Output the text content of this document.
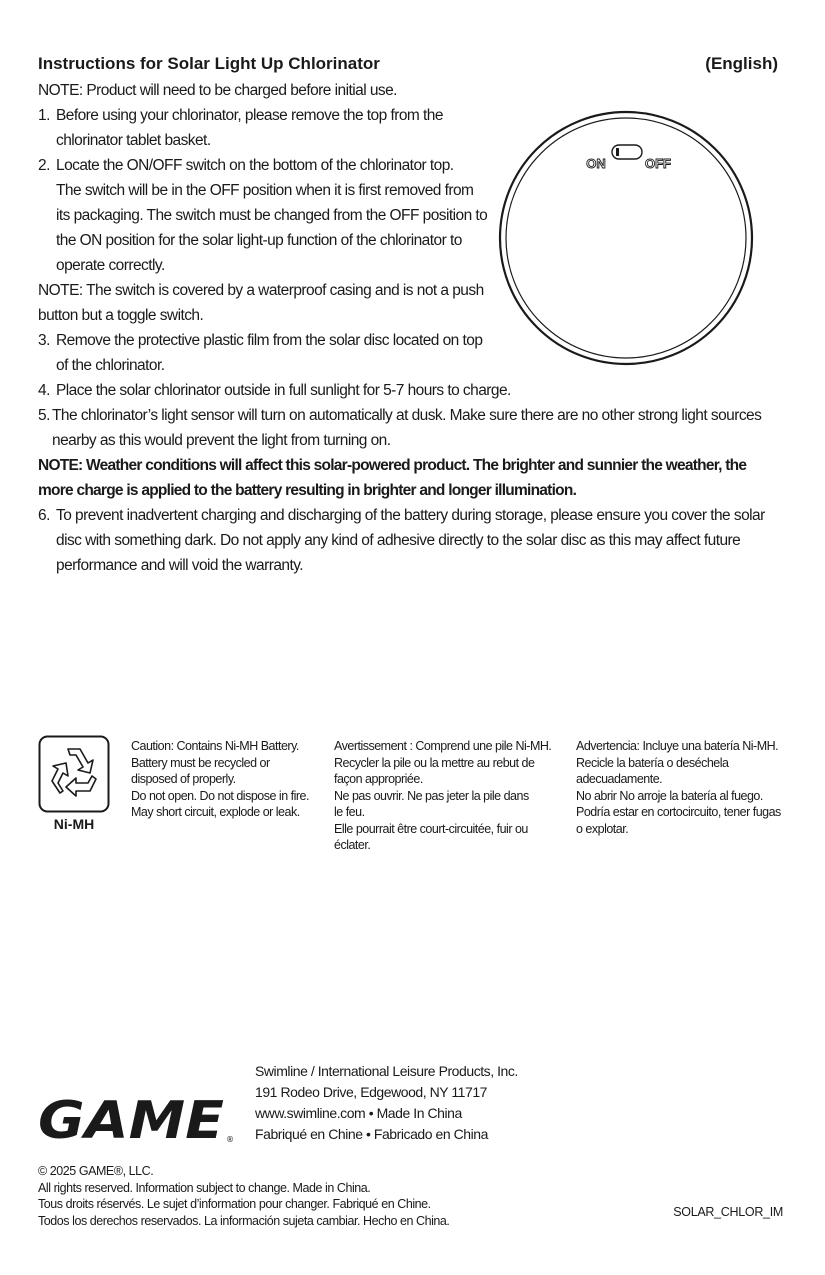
Instructions for Solar Light Up Chlorinator	(English)
NOTE: Product will need to be charged before initial use.
1. Before using your chlorinator, please remove the top from the
chlorinator tablet basket.
2. Locate the ON/OFF switch on the bottom of the chlorinator top.
The switch will be in the OFF position when it is first removed from
its packaging. The switch must be changed from the OFF position to
the ON position for the solar light-up function of the chlorinator to
operate correctly.
NOTE: The switch is covered by a waterproof casing and is not a push
button but a toggle switch.
3. Remove the protective plastic film from the solar disc located on top
of the chlorinator.
4. Place the solar chlorinator outside in full sunlight for 5-7 hours to charge.
5. The chlorinator’s light sensor will turn on automatically at dusk. Make sure there are no other strong light sources
nearby as this would prevent the light from turning on.
NOTE: Weather conditions will affect this solar-powered product. The brighter and sunnier the weather, the
more charge is applied to the battery resulting in brighter and longer illumination.
6. To prevent inadvertent charging and discharging of the battery during storage, please ensure you cover the solar
disc with something dark. Do not apply any kind of adhesive directly to the solar disc as this may affect future
performance and will void the warranty.
ON	OFF
Ni-MH
Caution: Contains Ni-MH Battery.
Battery must be recycled or
disposed of properly.
Do not open. Do not dispose in fire.
May short circuit, explode or leak.
Avertissement : Comprend une pile Ni-MH.
Recycler la pile ou la mettre au rebut de
façon appropriée.
Ne pas ouvrir. Ne pas jeter la pile dans
le feu.
Elle pourrait être court-circuitée, fuir ou
éclater.
Advertencia: Incluye una batería Ni-MH.
Recicle la batería o deséchela
adecuadamente.
No abrir No arroje la batería al fuego.
Podría estar en cortocircuito, tener fugas
o explotar.
GAME ®
Swimline / International Leisure Products, Inc.
191 Rodeo Drive, Edgewood, NY 11717
www.swimline.com • Made In China
Fabriqué en Chine • Fabricado en China
© 2025 GAME®, LLC.
All rights reserved. Information subject to change. Made in China.
Tous droits réservés. Le sujet d’information pour changer. Fabriqué en Chine.
Todos los derechos reservados. La información sujeta cambiar. Hecho en China.
SOLAR_CHLOR_IM
